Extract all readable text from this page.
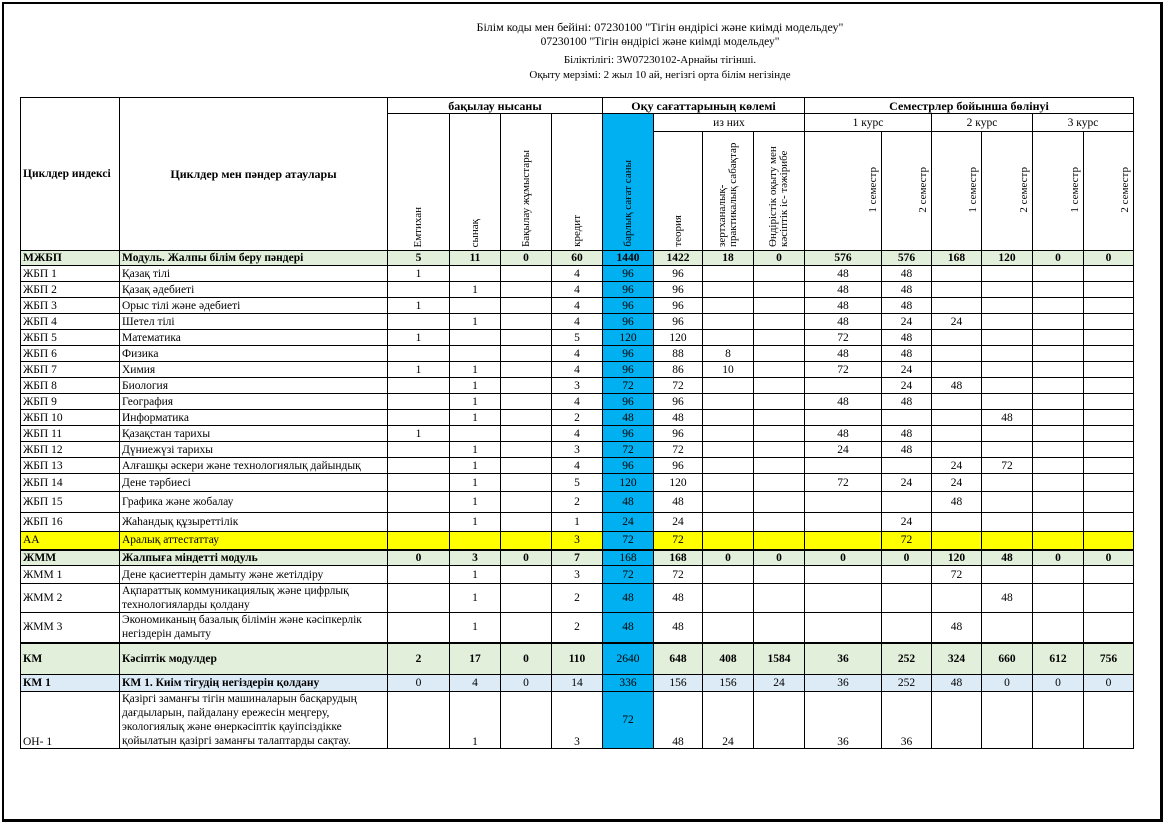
Білім коды мен бейіні: 07230100 "Тігін өндірісі және киімді модельдеу"
07230100 "Тігін өндірісі және киімді модельдеу"
Біліктілігі: 3W07230102-Арнайы тігінші.
Оқыту мерзімі: 2 жыл 10 ай, негізгі орта білім негізінде
Циклдер индексі	Циклдер мен пәндер атаулары	бақылау нысаны				Оқу сағаттарының көлемі				Семестрлер бойынша бөлінуі					
		Емтихан	сынақ	Бақылау жұмыстары	кредит	барлық сағат саны	из них			1 курс		2 курс		3 курс	
							теория	зертханалық-практикалық сабақтар	Өндірістік оқыту мен кәсіптік іс- тәжірибе	1 семестр	2 семестр	1 семестр	2 семестр	1 семестр	2 семестр
МЖБП	Модуль. Жалпы білім беру пәндері	5	11	0	60	1440	1422	18	0	576	576	168	120	0	0
ЖБП 1	Қазақ тілі	1			4	96	96			48	48				
ЖБП 2	Қазақ әдебиеті		1		4	96	96			48	48				
ЖБП 3	Орыс тілі және әдебиеті	1			4	96	96			48	48				
ЖБП 4	Шетел тілі		1		4	96	96			48	24	24			
ЖБП 5	Математика	1			5	120	120			72	48				
ЖБП 6	Физика				4	96	88	8		48	48				
ЖБП 7	Химия	1	1		4	96	86	10		72	24				
ЖБП 8	Биология		1		3	72	72				24	48			
ЖБП 9	География		1		4	96	96			48	48				
ЖБП 10	Информатика		1		2	48	48						48		
ЖБП 11	Қазақстан тарихы	1			4	96	96			48	48				
ЖБП 12	Дүниежүзі тарихы		1		3	72	72			24	48				
ЖБП 13	Алғашқы әскери және технологиялық дайындық		1		4	96	96					24	72		
ЖБП 14	Дене тәрбиесі		1		5	120	120			72	24	24			
ЖБП 15	Графика және жобалау		1		2	48	48					48			
ЖБП 16	Жаһандық құзыреттілік		1		1	24	24				24				
АА	Аралық аттестаттау				3	72	72				72				
ЖММ	Жалпыға міндетті модуль	0	3	0	7	168	168	0	0	0	0	120	48	0	0
ЖММ 1	Дене қасиеттерін дамыту және жетілдіру		1		3	72	72					72			
ЖММ 2	Ақпараттық коммуникациялық және цифрлық технологияларды қолдану		1		2	48	48						48		
ЖММ 3	Экономиканың базалық білімін және кәсіпкерлік негіздерін дамыту		1		2	48	48					48			
КМ	Кәсіптік модулдер	2	17	0	110	2640	648	408	1584	36	252	324	660	612	756
КМ 1	КМ 1. Киім тігудің негіздерін қолдану	0	4	0	14	336	156	156	24	36	252	48	0	0	0
ОН- 1	Қазіргі заманғы тігін машиналарын басқарудың дағдыларын, пайдалану ережесін меңгеру, экологиялық және өнеркәсіптік қауіпсіздікке қойылатын қазіргі заманғы талаптарды сақтау.		1		3	72	48	24		36	36				
